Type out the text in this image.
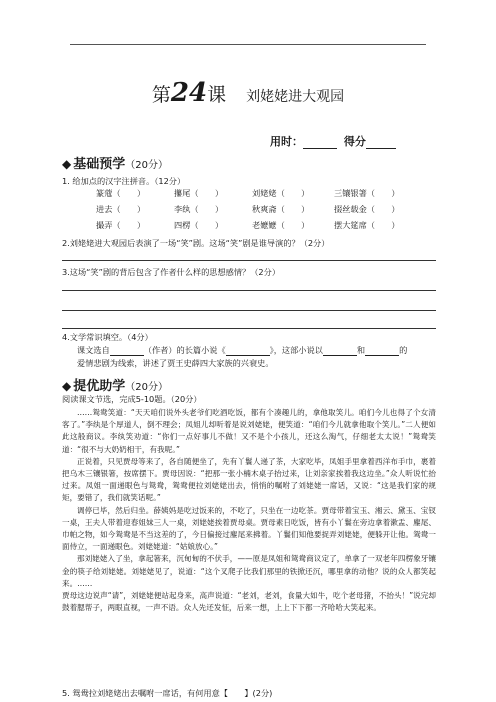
第24课 刘姥姥进大观园
用时：	得分
◆ 基础预学（20分）
1. 给加点的汉字注拼音。（12分）
篆蔻（　　）	攥尾（　　）	刘姥姥（　　）	三镶银箸（　　）
进去（　　）	李纨（　　）	秋爽斋（　　）	掇丝载金（　　）
撮弄（　　）	四楞（　　）	老嬷嬷（　　）	摆大筵席（　　）
2.刘姥姥进大观园后表演了一场“笑”剧。这场“笑”剧是谁导演的？（2分）
3.这场“笑”剧的背后包含了作者什么样的思想感情？（2分）
4.文学常识填空。（4分）
课文选自	（作者）的长篇小说《	》，这部小说以	和	的
爱情悲剧为线索，讲述了贾王史薛四大家族的兴衰史。
◆ 提优助学（20分）
阅读课文节选，完成5-10题。（20分）

……鸳鸯笑道：“天天咱们说外头老爷们吃酒吃饭，都有个凑趣儿的，拿他取笑儿。咱们今儿也得了个女清客了。”李纨是个厚道人，倒不理会；凤姐儿却听着是说刘姥姥，便笑道：“咱们今儿就拿他取个笑儿。”二人便如此这般商议。李纨笑劝道：“你们一点好事儿不做！又不是个小孩儿，还这么淘气，仔细老太太说！”鸳鸯笑道：“很不与大奶奶相干，有我呢。”

正说着，只见贾母等来了，各自随便坐了，先有丫鬟人递了茶，大家吃毕，凤姐手里拿着西洋布手巾，裹着把乌木三镶银箸，按席摆下。贾母因说：“把那一张小楠木桌子抬过来，让刘亲家挨着我这边坐。”众人听说忙抬过来。凤姐一面递眼色与鸳鸯，鸳鸯便拉刘姥姥出去，悄悄的嘱咐了刘姥姥一席话，又说：“这是我们家的规矩，要错了，我们就笑话呢。”

调停已毕，然后归坐。薛姨妈是吃过饭来的，不吃了，只坐在一边吃茶。贾母带着宝玉、湘云、黛玉、宝钗一桌，王夫人带着迎春姐妹三人一桌，刘姥姥挨着贾母桌。贾母素日吃饭，皆有小丫鬟在旁边拿着漱盂、麈尾、巾帕之物，如今鸳鸯是不当这差的了，今日偏接过麈尾来拂着。丫鬟们知他要捉弄刘姥姥，便躲开让他。鸳鸯一面侍立，一面递眼色。刘姥姥道：“姑娘放心。”

那刘姥姥入了坐，拿起箸来，沉甸甸的不伏手，——原是凤姐和鸳鸯商议定了，单拿了一双老年四楞象牙镶金的筷子给刘姥姥。刘姥姥见了，说道：“这个叉爬子比我们那里的铁掀还沉，哪里拿的动他？说的众人都笑起来。……

贾母这边说声“请”，刘姥姥便站起身来，高声说道：“老刘，老刘，食量大如牛，吃个老母猪，不抬头！”说完却鼓着腮帮子，两眼直视，一声不语。众人先还发怔，后来一想，上上下下都一齐哈哈大笑起来。

5. 鸳鸯拉刘姥姥出去嘱咐一席话，有何用意【　　】(2分)
